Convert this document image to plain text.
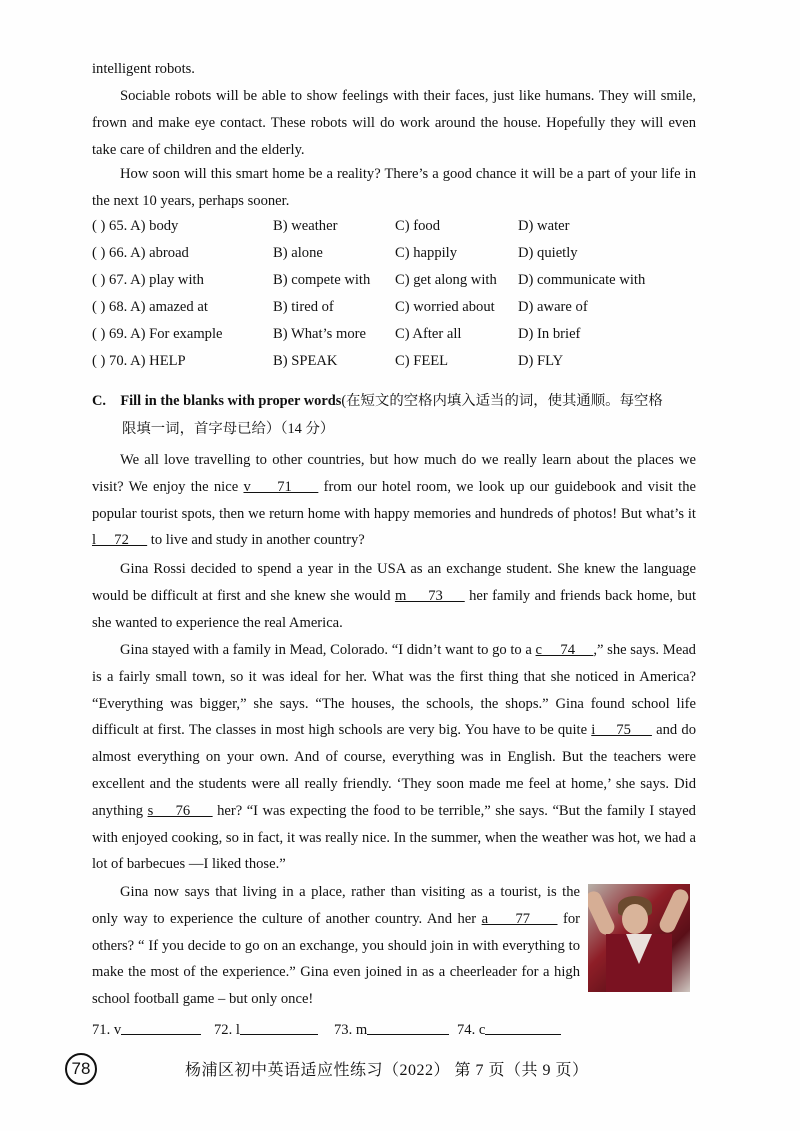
intelligent robots.
Sociable robots will be able to show feelings with their faces, just like humans. They will smile, frown and make eye contact. These robots will do work around the house. Hopefully they will even take care of children and the elderly.
How soon will this smart home be a reality? There’s a good chance it will be a part of your life in the next 10 years, perhaps sooner.
( ) 65. A) body	B) weather	C) food	D) water
( ) 66. A) abroad	B) alone	C) happily	D) quietly
( ) 67. A) play with	B) compete with C) get along with D) communicate with
( ) 68. A) amazed at	B) tired of	C) worried about D) aware of
( ) 69. A) For example	B) What’s more C) After all	D) In brief
( ) 70. A) HELP	B) SPEAK	C) FEEL	D) FLY
C. Fill in the blanks with proper words(在短文的空格内填入适当的词，使其通顺。每空格
限填一词，首字母已给）（14 分）
We all love travelling to other countries, but how much do we really learn about the places we visit? We enjoy the nice v     71      from our hotel room, we look up our guidebook and visit the popular tourist spots, then we return home with happy memories and hundreds of photos! But what’s it l     72      to live and study in another country?
Gina Rossi decided to spend a year in the USA as an exchange student. She knew the language would be difficult at first and she knew she would m     73      her family and friends back home, but she wanted to experience the real America.
Gina stayed with a family in Mead, Colorado. “I didn’t want to go to a c     74     ,” she says. Mead is a fairly small town, so it was ideal for her. What was the first thing that she noticed in America? “Everything was bigger,” she says. “The houses, the schools, the shops.” Gina found school life difficult at first. The classes in most high schools are very big. You have to be quite i     75      and do almost everything on your own. And of course, everything was in English. But the teachers were excellent and the students were all really friendly. ‘They soon made me feel at home,’ she says. Did anything s     76      her? “I was expecting the food to be terrible,” she says. “But the family I stayed with enjoyed cooking, so in fact, it was really nice. In the summer, when the weather was hot, we had a lot of barbecues —I liked those.”
Gina now says that living in a place, rather than visiting as a tourist, is the only way to experience the culture of another country. And her a     77      for others? “ If you decide to go on an exchange, you should join in with everything to make the most of the experience.” Gina even joined in as a cheerleader for a high school football game – but only once!
71. v	72. l	73. m	74. c
78	杨浦区初中英语适应性练习（2022） 第 7 页（共 9 页）
